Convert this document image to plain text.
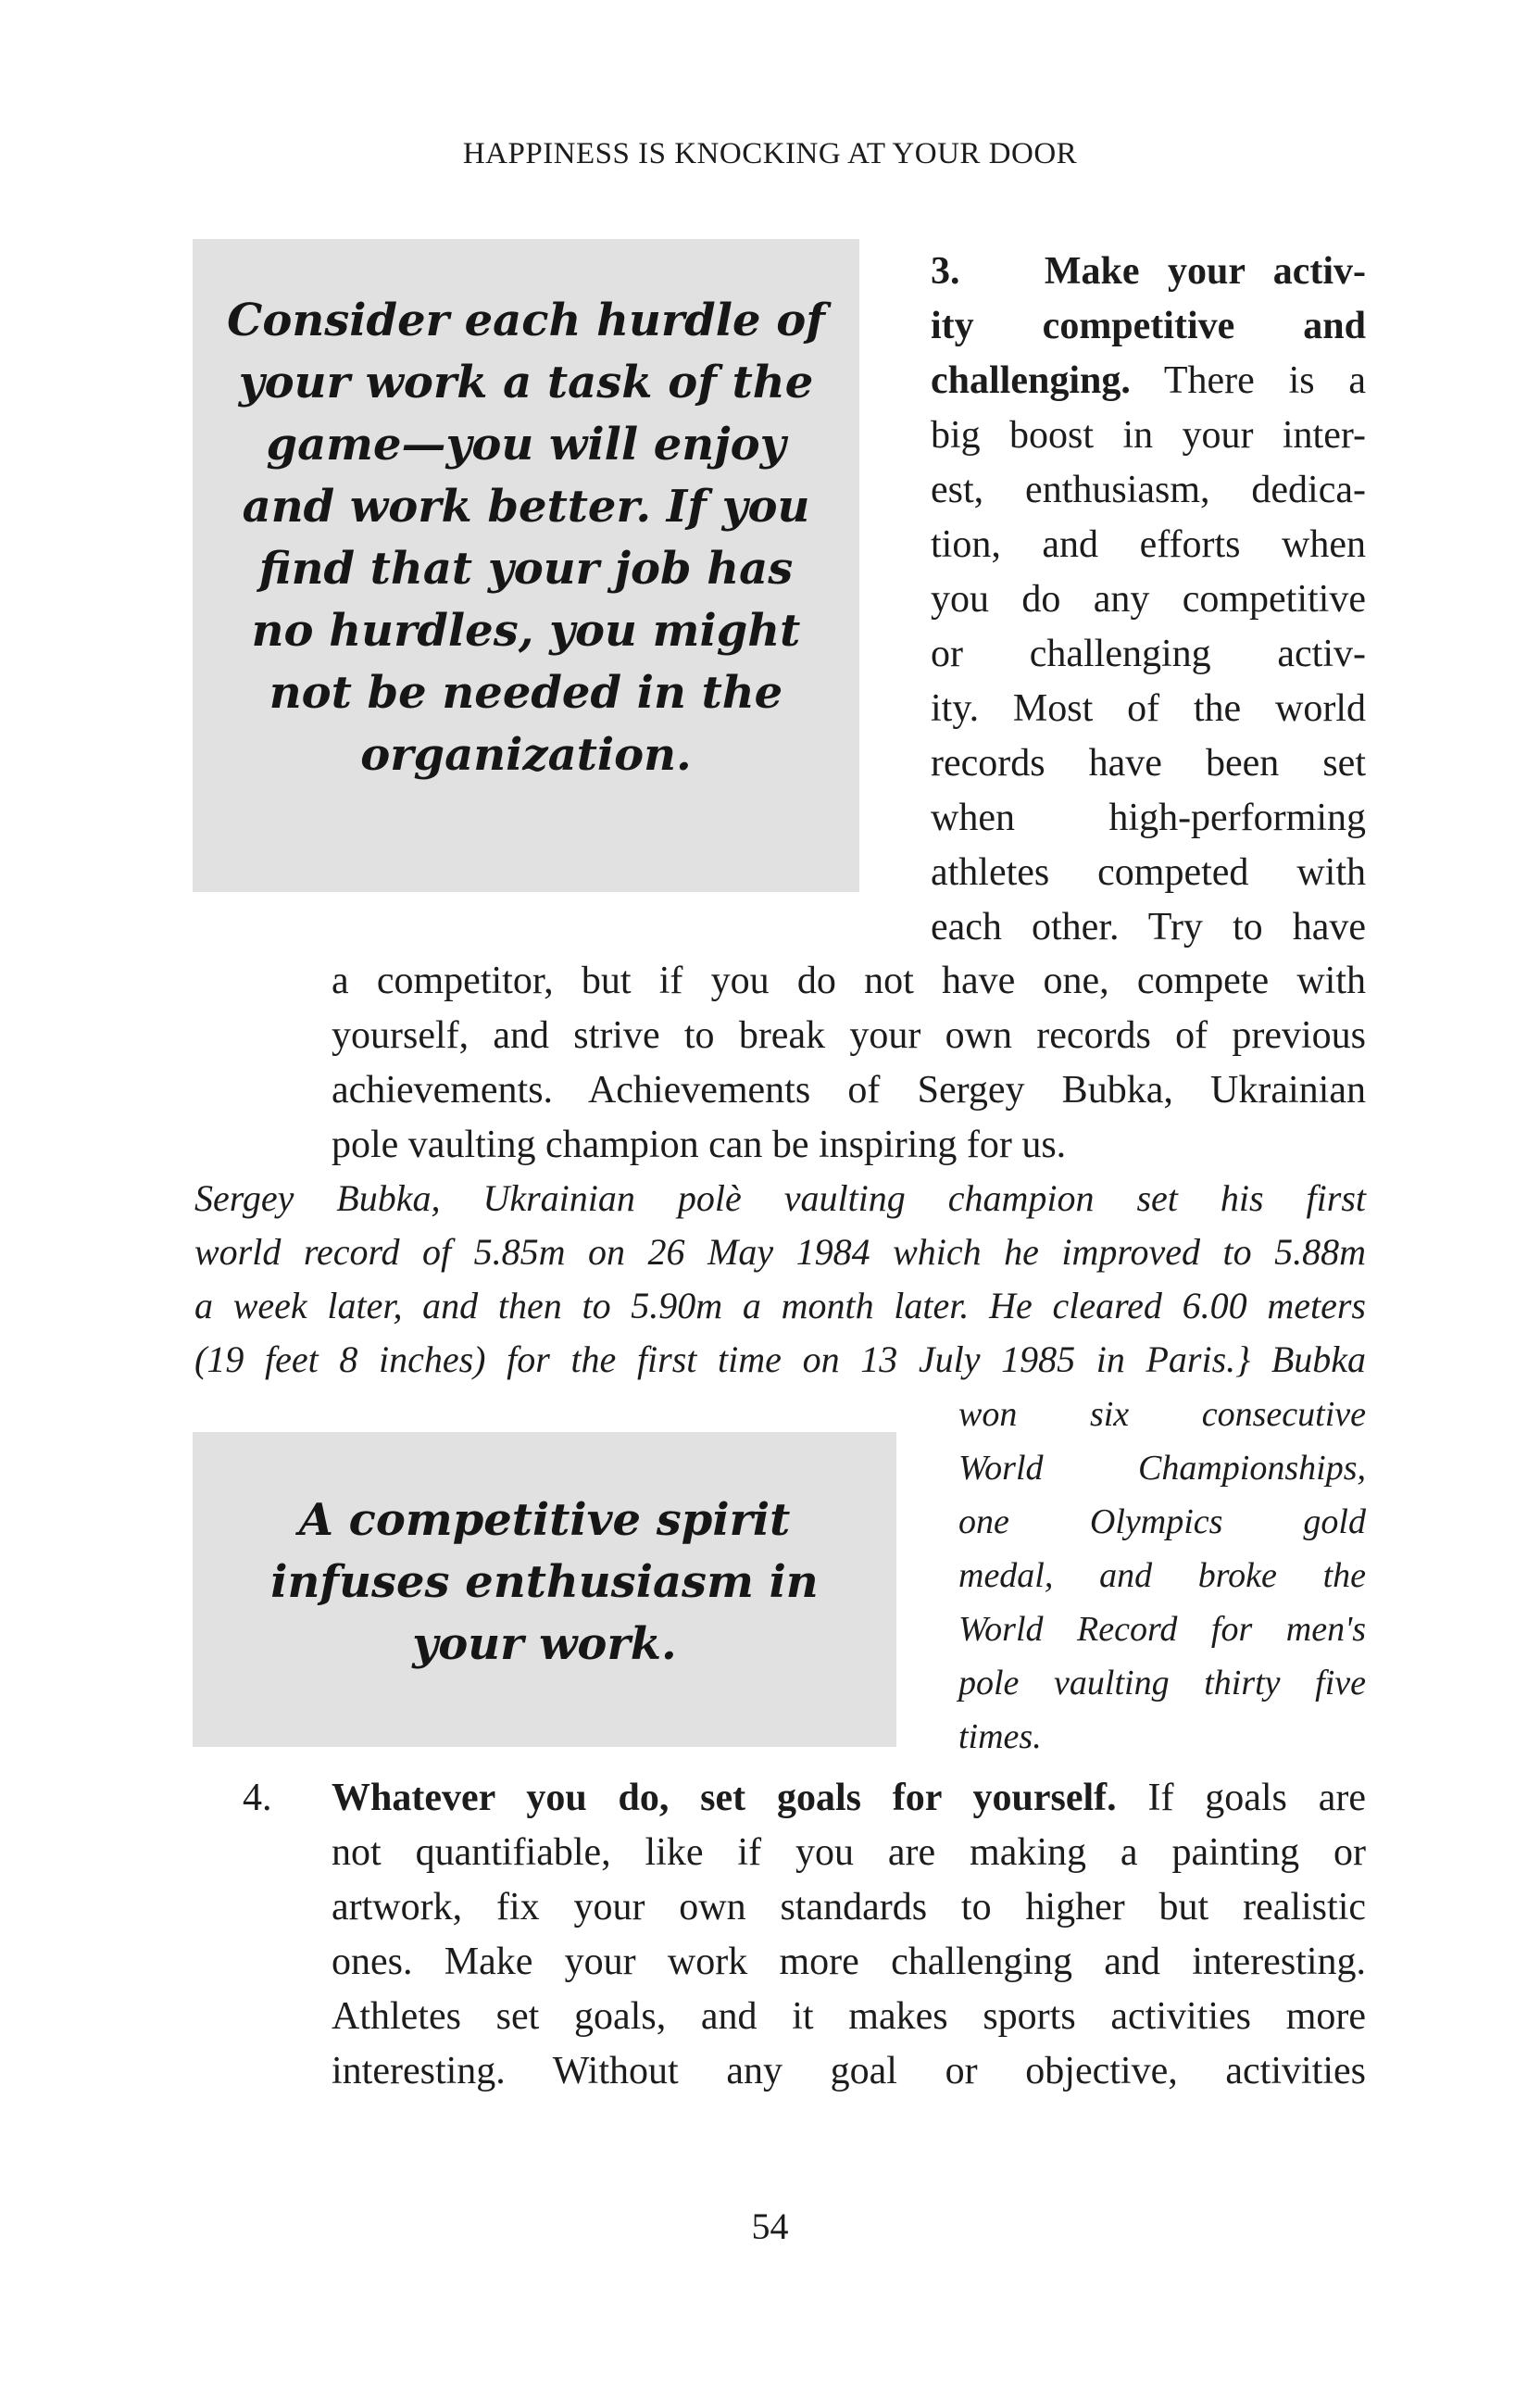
HAPPINESS IS KNOCKING AT YOUR DOOR
Consider each hurdle of
your work a task of the
game—you will enjoy
and work better. If you
find that your job has
no hurdles, you might
not be needed in the
organization.
3. Make your activ-
ity competitive and
challenging. There is a
big boost in your inter-
est, enthusiasm, dedica-
tion, and efforts when
you do any competitive
or challenging activ-
ity. Most of the world
records have been set
when high-performing
athletes competed with
each other. Try to have
a competitor, but if you do not have one, compete with
yourself, and strive to break your own records of previous
achievements. Achievements of Sergey Bubka, Ukrainian
pole vaulting champion can be inspiring for us.
Sergey Bubka, Ukrainian polè vaulting champion set his first
world record of 5.85m on 26 May 1984 which he improved to 5.88m
a week later, and then to 5.90m a month later. He cleared 6.00 meters
(19 feet 8 inches) for the first time on 13 July 1985 in Paris.} Bubka
A competitive spirit
infuses enthusiasm in
your work.
won six consecutive
World Championships,
one Olympics gold
medal, and broke the
World Record for men's
pole vaulting thirty five
times.
4. Whatever you do, set goals for yourself. If goals are
not quantifiable, like if you are making a painting or
artwork, fix your own standards to higher but realistic
ones. Make your work more challenging and interesting.
Athletes set goals, and it makes sports activities more
interesting. Without any goal or objective, activities
54
